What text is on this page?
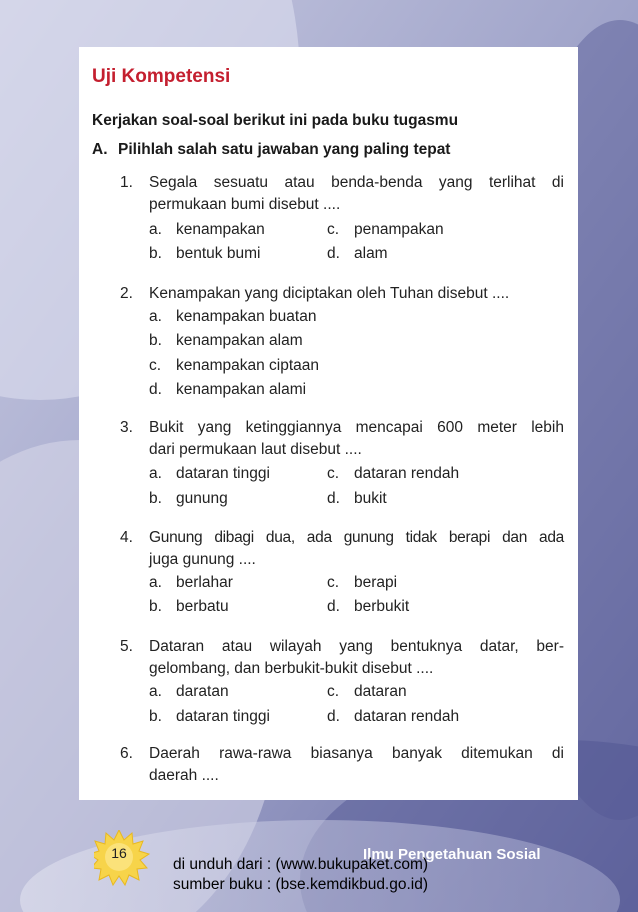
Uji Kompetensi
Kerjakan soal-soal berikut ini pada buku tugasmu
A. Pilihlah salah satu jawaban yang paling tepat
1. Segala sesuatu atau benda-benda yang terlihat di
permukaan bumi disebut ....
a. kenampakan	c. penampakan
b. bentuk bumi	d. alam
2. Kenampakan yang diciptakan oleh Tuhan disebut ....
a. kenampakan buatan
b. kenampakan alam
c. kenampakan ciptaan
d. kenampakan alami
3. Bukit yang ketinggiannya mencapai 600 meter lebih
dari permukaan laut disebut ....
a. dataran tinggi	c. dataran rendah
b. gunung	d. bukit
4. Gunung dibagi dua, ada gunung tidak berapi dan ada
juga gunung ....
a. berlahar	c. berapi
b. berbatu	d. berbukit
5. Dataran atau wilayah yang bentuknya datar, ber-
gelombang, dan berbukit-bukit disebut ....
a. daratan	c. dataran
b. dataran tinggi	d. dataran rendah
6. Daerah rawa-rawa biasanya banyak ditemukan di
daerah ....
16	Ilmu Pengetahuan Sosial
di unduh dari : (www.bukupaket.com)
sumber buku : (bse.kemdikbud.go.id)
